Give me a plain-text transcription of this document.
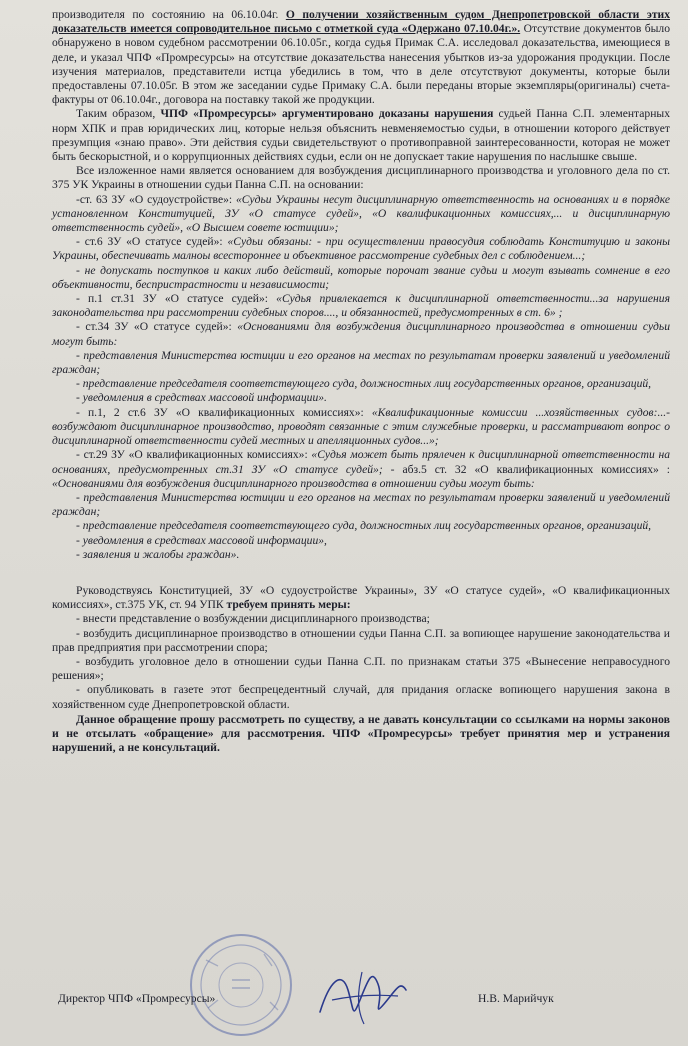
производителя по состоянию на 06.10.04г. О получении хозяйственным судом Днепропетровской области этих доказательств имеется сопроводительное письмо с отметкой суда «Одержано 07.10.04г.». Отсутствие документов было обнаружено в новом судебном рассмотрении 06.10.05г., когда судья Примак С.А. исследовал доказательства, имеющиеся в деле, и указал ЧПФ «Промресурсы» на отсутствие доказательства нанесения убытков из-за удорожания продукции. После изучения материалов, представители истца убедились в том, что в деле отсутствуют документы, которые были предоставлены 07.10.05г. В этом же заседании судье Примаку С.А. были переданы вторые экземпляры(оригиналы) счета-фактуры от 06.10.04г., договора на поставку такой же продукции.

Таким образом, ЧПФ «Промресурсы» аргументировано доказаны нарушения судьей Панна С.П. элементарных норм ХПК и прав юридических лиц, которые нельзя объяснить невменяемостью судьи, в отношении которого действует презумпция «знаю право». Эти действия судьи свидетельствуют о противоправной заинтересованности, которая не может быть бескорыстной, и о коррупционных действиях судьи, если он не допускает такие нарушения по наслышке свыше.

Все изложенное нами является основанием для возбуждения дисциплинарного производства и уголовного дела по ст. 375 УК Украины в отношении судьи Панна С.П. на основании:

-ст. 63 ЗУ «О судоустройстве»: «Судьи Украины несут дисциплинарную ответственность на основаниях и в порядке установленном Конституцией, ЗУ «О статусе судей», «О квалификационных комиссиях,... и дисциплинарную ответственность судей», «О Высшем совете юстиции»;

- ст.6 ЗУ «О статусе судей»: «Судьи обязаны: - при осуществлении правосудия соблюдать Конституцию и законы Украины, обеспечивать малноы всестороннее и объективное рассмотрение судебных дел с соблюдением...;

- не допускать поступков и каких либо действий, которые порочат звание судьи и могут взывать сомнение в его объективности, беспристрастности и независимости;

- п.1 ст.31 ЗУ «О статусе судей»: «Судья привлекается к дисциплинарной ответственности...за нарушения законодательства при рассмотрении судебных споров...., и обязанностей, предусмотренных в ст. 6» ;

- ст.34 ЗУ «О статусе судей»: «Основаниями для возбуждения дисциплинарного производства в отношении судьи могут быть:

- представления Министерства юстиции и его органов на местах по результатам проверки заявлений и уведомлений граждан;

- представление председателя соответствующего суда, должностных лиц государственных органов, организаций,

- уведомления в средствах массовой информации».

- п.1, 2 ст.6 ЗУ «О квалификационных комиссиях»: «Квалификационные комиссии ...хозяйственных судов:...- возбуждают дисциплинарное производство, проводят связанные с этим служебные проверки, и рассматривают вопрос о дисциплинарной ответственности судей местных и апелляционных судов...»;

- ст.29 ЗУ «О квалификационных комиссиях»: «Судья может быть прялечен к дисциплинарной ответственности на основаниях, предусмотренных ст.31 ЗУ «О статусе судей»; - абз.5 ст. 32 «О квалификационных комиссиях» : «Основаниями для возбуждения дисциплинарного производства в отношении судьи могут быть:

- представления Министерства юстиции и его органов на местах по результатам проверки заявлений и уведомлений граждан;

- представление председателя соответствующего суда, должностных лиц государственных органов, организаций,

- уведомления в средствах массовой информации»,

- заявления и жалобы граждан».

Руководствуясь Конституцией, ЗУ «О судоустройстве Украины», ЗУ «О статусе судей», «О квалификационных комиссиях», ст.375 УК, ст. 94 УПК требуем принять меры:

- внести представление о возбуждении дисциплинарного производства;

- возбудить дисциплинарное производство в отношении судьи Панна С.П. за вопиющее нарушение законодательства и прав предприятия при рассмотрении спора;

- возбудить уголовное дело в отношении судьи Панна С.П. по признакам статьи 375 «Вынесение неправосудного решения»;

- опубликовать в газете этот беспрецедентный случай, для придания огласке вопиющего нарушения закона в хозяйственном суде Днепропетровской области.

Данное обращение прошу рассмотреть по существу, а не давать консультации со ссылками на нормы законов и не отсылать «обращение» для рассмотрения. ЧПФ «Промресурсы» требует принятия мер и устранения нарушений, а не консультаций.

Директор ЧПФ «Промресурсы»	Н.В. Марийчук
